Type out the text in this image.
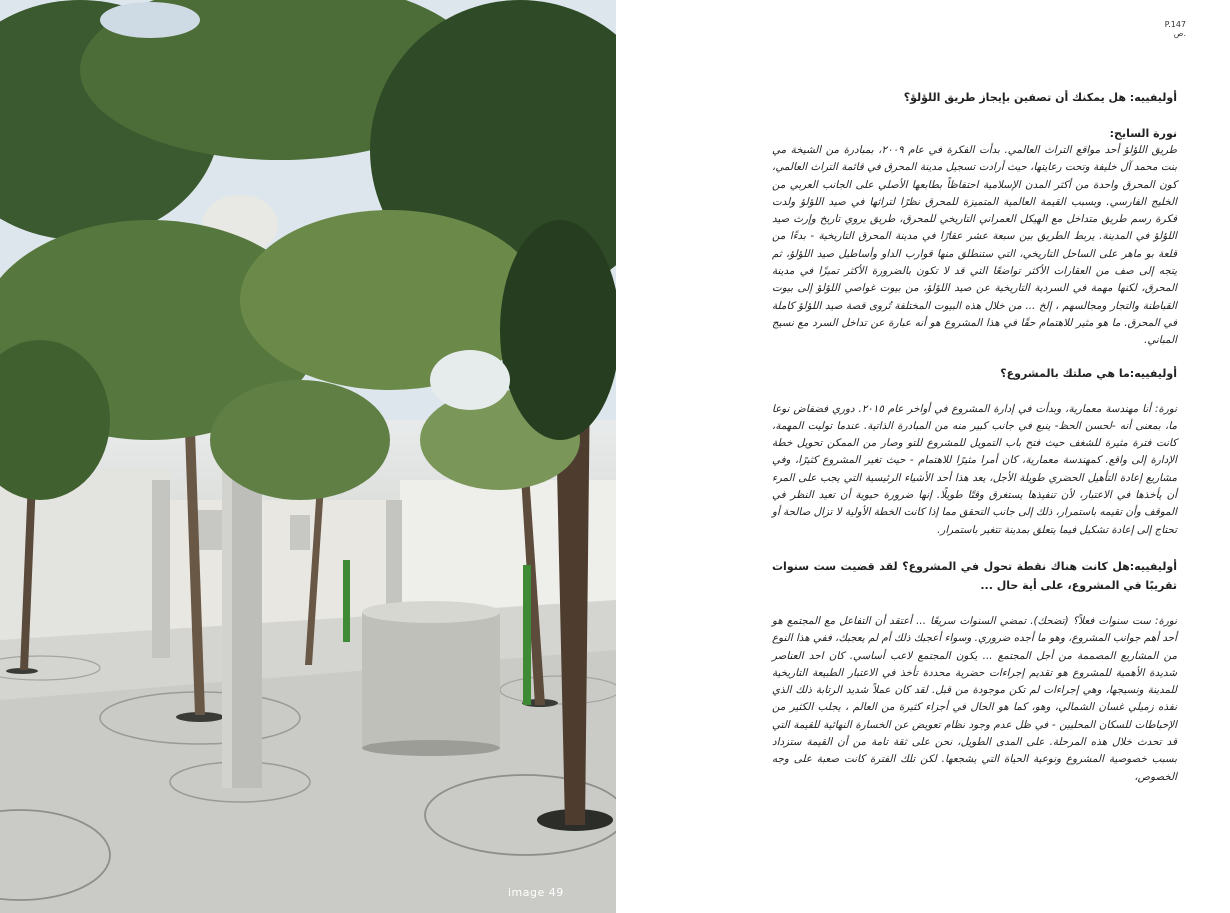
image 49
P.147
ص.

أوليفييه: هل يمكنك أن تصفين بإيجاز طريق اللؤلؤ؟

نورة السايح:

طريق اللؤلؤ أحد مواقع التراث العالمي. بدأت الفكرة في عام ٢٠٠٩، بمبادرة من الشيخة مي بنت محمد آل خليفة وتحت رعايتها، حيث أرادت تسجيل مدينة المحرق في قائمة التراث العالمي، كون المحرق واحدة من أكثر المدن الإسلامية احتفاظاً بطابعها الأصلي على الجانب العربي من الخليج الفارسي. وبسبب القيمة العالمية المتميزة للمحرق نظرًا لتراثها في صيد اللؤلؤ ولدت فكرة رسم طريق متداخل مع الهيكل العمراني التاريخي للمحرق، طريق يروي تاريخ وإرث صيد اللؤلؤ في المدينة. يربط الطريق بين سبعة عشر عقارًا في مدينة المحرق التاريخية - بدءًا من قلعة بو ماهر على الساحل التاريخي، التي ستنطلق منها قوارب الداو وأساطيل صيد اللؤلؤ، ثم يتجه إلى صف من العقارات الأكثر تواضعًا التي قد لا تكون بالضرورة الأكثر تميزًا في مدينة المحرق، لكنها مهمة في السردية التاريخية عن صيد اللؤلؤ، من بيوت غواصي اللؤلؤ إلى بيوت القباطنة والتجار ومجالسهم ، إلخ ... من خلال هذه البيوت المختلفة تُروى قصة صيد اللؤلؤ كاملة في المحرق. ما هو مثير للاهتمام حقًا في هذا المشروع هو أنه عبارة عن تداخل السرد مع نسيج المباني.

أوليفييه:ما هي صلتك بالمشروع؟

نورة: أنا مهندسة معمارية، وبدأت في إدارة المشروع في أواخر عام ٢٠١٥. دوري فضفاض نوعا ما، بمعنى أنه -لحسن الحظ- ينبع في جانب كبير منه من المبادرة الذاتية. عندما توليت المهمة، كانت فترة مثيرة للشغف حيث فتح باب التمويل للمشروع للتو وصار من الممكن تحويل خطة الإدارة إلى واقع. كمهندسة معمارية، كان أمرا مثيرًا للاهتمام - حيث تغير المشروع كثيرًا، وفي مشاريع إعادة التأهيل الحضري طويلة الأجل، يعد هذا أحد الأشياء الرئيسية التي يجب على المرء أن يأخذها في الاعتبار، لأن تنفيذها يستغرق وقتًا طويلًا. إنها ضرورة حيوية أن تعيد النظر في الموقف وأن تقيمه باستمرار، ذلك إلى جانب التحقق مما إذا كانت الخطة الأولية لا تزال صالحة أو تحتاج إلى إعادة تشكيل فيما يتعلق بمدينة تتغير باستمرار.

أوليفييه:هل كانت هناك نقطة تحول في المشروع؟ لقد قضيت ست سنوات تقريبًا في المشروع، على أية حال ...

نورة: ست سنوات فعلاً؟ (تضحك). تمضي السنوات سريعًا ... أعتقد أن التفاعل مع المجتمع هو أحد أهم جوانب المشروع، وهو ما أجده ضروري. وسواء أعجبك ذلك أم لم يعجبك، ففي هذا النوع من المشاريع المصممة من أجل المجتمع ... يكون المجتمع لاعب أساسي. كان احد العناصر شديدة الأهمية للمشروع هو تقديم إجراءات حضرية محددة تأخذ في الاعتبار الطبيعة التاريخية للمدينة ونسيجها، وهي إجراءات لم تكن موجودة من قبل. لقد كان عملاً شديد الرتابة ذلك الذي نفذه زميلي غسان الشمالي، وهو، كما هو الحال في أجزاء كثيرة من العالم ، يجلب الكثير من الإحباطات للسكان المحليين - في ظل عدم وجود نظام تعويض عن الخسارة النهائية للقيمة التي قد تحدث خلال هذه المرحلة. على المدى الطويل، نحن على ثقة تامة من أن القيمة ستزداد بسبب خصوصية المشروع ونوعية الحياة التي يشجعها. لكن تلك الفترة كانت صعبة على وجه الخصوص،
